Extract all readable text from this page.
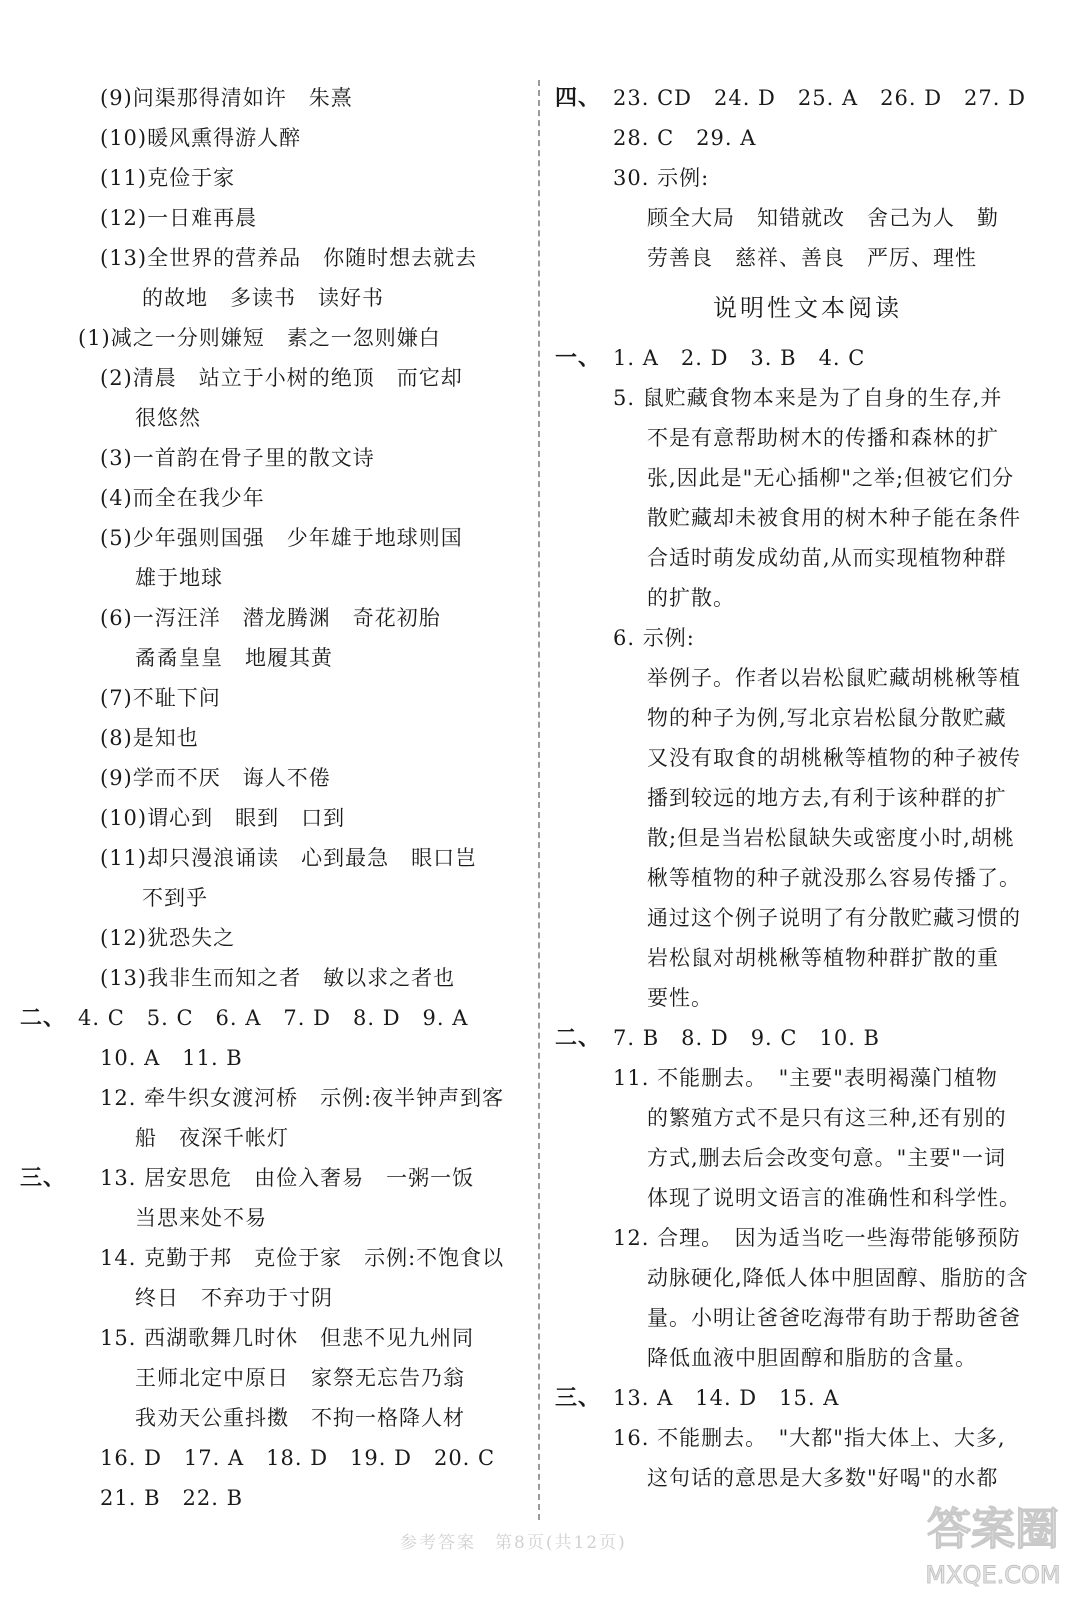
(9)问渠那得清如许　朱熹
(10)暖风熏得游人醉
(11)克俭于家
(12)一日难再晨
(13)全世界的营养品　你随时想去就去
的故地　多读书　读好书
(1)减之一分则嫌短　素之一忽则嫌白
(2)清晨　站立于小树的绝顶　而它却
很悠然
(3)一首韵在骨子里的散文诗
(4)而全在我少年
(5)少年强则国强　少年雄于地球则国
雄于地球
(6)一泻汪洋　潜龙腾渊　奇花初胎
矞矞皇皇　地履其黄
(7)不耻下问
(8)是知也
(9)学而不厌　诲人不倦
(10)谓心到　眼到　口到
(11)却只漫浪诵读　心到最急　眼口岂
不到乎
(12)犹恐失之
(13)我非生而知之者　敏以求之者也
二、 4. C　5. C　6. A　7. D　8. D　9. A
10. A　11. B
12. 牵牛织女渡河桥　示例:夜半钟声到客
船　夜深千帐灯
三、 13. 居安思危　由俭入奢易　一粥一饭
当思来处不易
14. 克勤于邦　克俭于家　示例:不饱食以
终日　不弃功于寸阴
15. 西湖歌舞几时休　但悲不见九州同
王师北定中原日　家祭无忘告乃翁
我劝天公重抖擞　不拘一格降人材
16. D　17. A　18. D　19. D　20. C
21. B　22. B
四、 23. CD　24. D　25. A　26. D　27. D
28. C　29. A
30. 示例:
顾全大局　知错就改　舍己为人　勤
劳善良　慈祥、善良　严厉、理性
说明性文本阅读
一、 1. A　2. D　3. B　4. C
5. 鼠贮藏食物本来是为了自身的生存,并
不是有意帮助树木的传播和森林的扩
张,因此是"无心插柳"之举;但被它们分
散贮藏却未被食用的树木种子能在条件
合适时萌发成幼苗,从而实现植物种群
的扩散。
6. 示例:
举例子。作者以岩松鼠贮藏胡桃楸等植
物的种子为例,写北京岩松鼠分散贮藏
又没有取食的胡桃楸等植物的种子被传
播到较远的地方去,有利于该种群的扩
散;但是当岩松鼠缺失或密度小时,胡桃
楸等植物的种子就没那么容易传播了。
通过这个例子说明了有分散贮藏习惯的
岩松鼠对胡桃楸等植物种群扩散的重
要性。
二、 7. B　8. D　9. C　10. B
11. 不能删去。　"主要"表明褐藻门植物
的繁殖方式不是只有这三种,还有别的
方式,删去后会改变句意。"主要"一词
体现了说明文语言的准确性和科学性。
12. 合理。　因为适当吃一些海带能够预防
动脉硬化,降低人体中胆固醇、脂肪的含
量。小明让爸爸吃海带有助于帮助爸爸
降低血液中胆固醇和脂肪的含量。
三、 13. A　14. D　15. A
16. 不能删去。　"大都"指大体上、大多,
这句话的意思是大多数"好喝"的水都
参考答案　第8页(共12页)	答案圈
MXQE.COM
